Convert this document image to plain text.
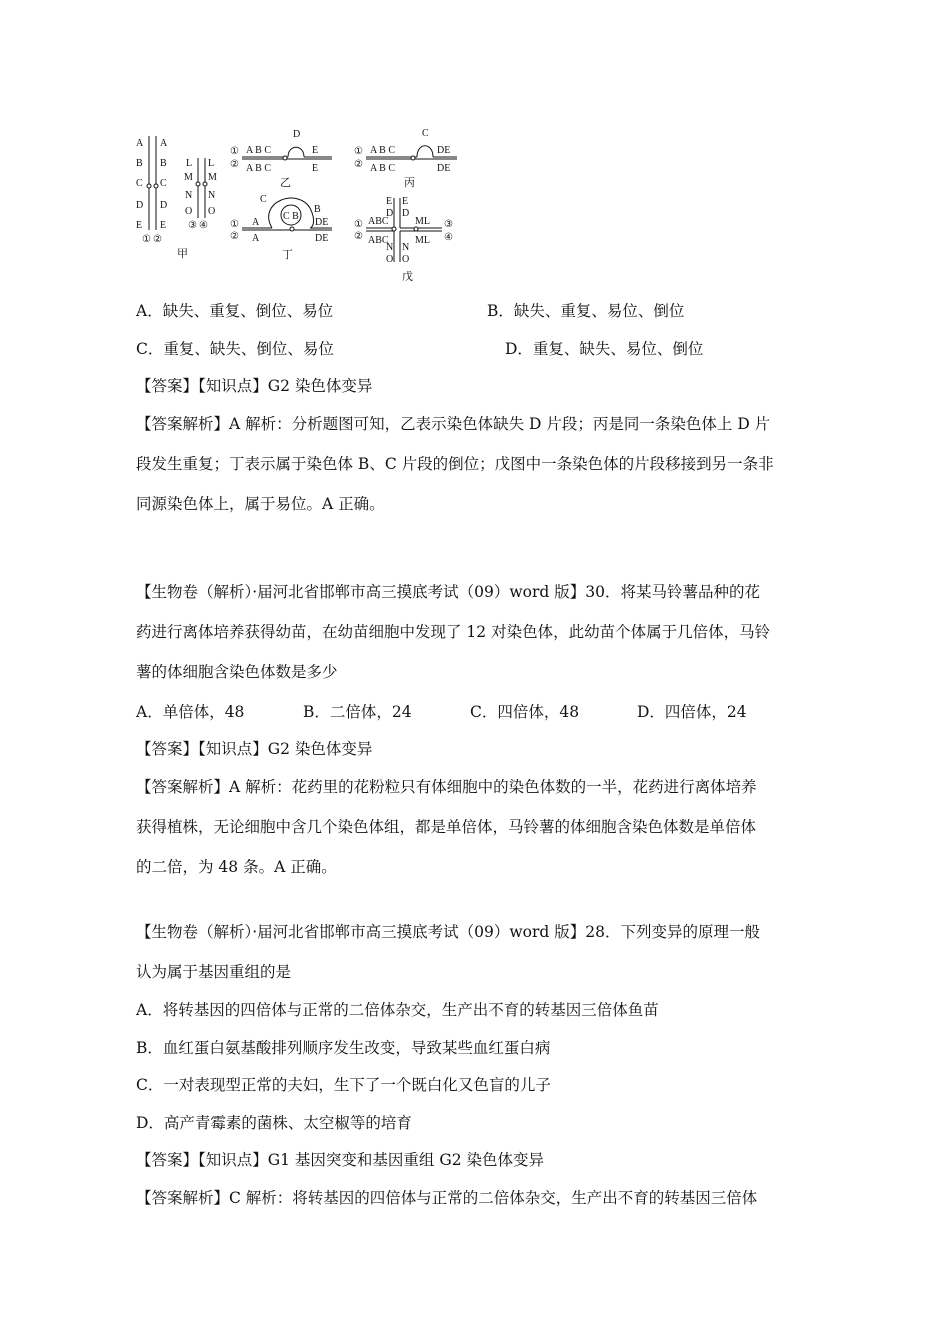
A
B
C
D
E
A
B
C
D
E
① ②
L
M
N
O
L
M
N
O
③ ④
甲
①
②
A B C
D
E
A B C	E
乙
①
②
A B C
C
DE
A B C	DE
丙
①
②
A
C
C B
B
DE
A	DE
丁
①
②
ABC	ML
ABC	ML
E
D
E
D
N
O
N
O
③
④
戊
A．缺失、重复、倒位、易位	B．缺失、重复、易位、倒位
C．重复、缺失、倒位、易位	D．重复、缺失、易位、倒位
【答案】【知识点】G2 染色体变异
【答案解析】A 解析：分析题图可知，乙表示染色体缺失 D 片段；丙是同一条染色体上 D 片
段发生重复；丁表示属于染色体 B、C 片段的倒位；戊图中一条染色体的片段移接到另一条非
同源染色体上，属于易位。A 正确。
【生物卷（解析）·届河北省邯郸市高三摸底考试（09）word 版】30．将某马铃薯品种的花
药进行离体培养获得幼苗，在幼苗细胞中发现了 12 对染色体，此幼苗个体属于几倍体，马铃
薯的体细胞含染色体数是多少
A．单倍体，48	B．二倍体，24	C．四倍体，48	D．四倍体，24
【答案】【知识点】G2 染色体变异
【答案解析】A 解析：花药里的花粉粒只有体细胞中的染色体数的一半，花药进行离体培养
获得植株，无论细胞中含几个染色体组，都是单倍体，马铃薯的体细胞含染色体数是单倍体
的二倍，为 48 条。A 正确。
【生物卷（解析）·届河北省邯郸市高三摸底考试（09）word 版】28．下列变异的原理一般
认为属于基因重组的是
A．将转基因的四倍体与正常的二倍体杂交，生产出不育的转基因三倍体鱼苗
B．血红蛋白氨基酸排列顺序发生改变，导致某些血红蛋白病
C．一对表现型正常的夫妇，生下了一个既白化又色盲的儿子
D．高产青霉素的菌株、太空椒等的培育
【答案】【知识点】G1 基因突变和基因重组 G2 染色体变异
【答案解析】C 解析：将转基因的四倍体与正常的二倍体杂交，生产出不育的转基因三倍体
